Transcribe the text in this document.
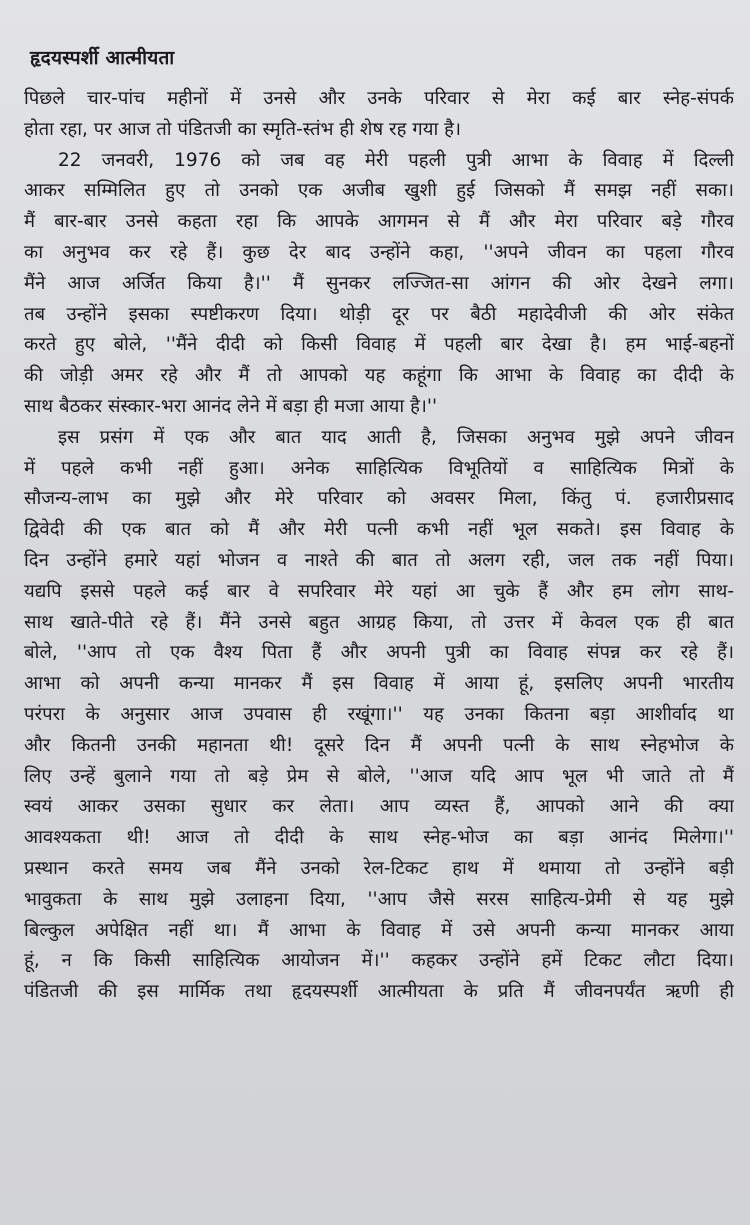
हृदयस्पर्शी आत्मीयता
पिछले चार-पांच महीनों में उनसे और उनके परिवार से मेरा कई बार स्नेह-संपर्क
होता रहा, पर आज तो पंडितजी का स्मृति-स्तंभ ही शेष रह गया है।
22 जनवरी, 1976 को जब वह मेरी पहली पुत्री आभा के विवाह में दिल्ली
आकर सम्मिलित हुए तो उनको एक अजीब खुशी हुई जिसको मैं समझ नहीं सका।
मैं बार-बार उनसे कहता रहा कि आपके आगमन से मैं और मेरा परिवार बड़े गौरव
का अनुभव कर रहे हैं। कुछ देर बाद उन्होंने कहा, ''अपने जीवन का पहला गौरव
मैंने आज अर्जित किया है।'' मैं सुनकर लज्जित-सा आंगन की ओर देखने लगा।
तब उन्होंने इसका स्पष्टीकरण दिया। थोड़ी दूर पर बैठी महादेवीजी की ओर संकेत
करते हुए बोले, ''मैंने दीदी को किसी विवाह में पहली बार देखा है। हम भाई-बहनों
की जोड़ी अमर रहे और मैं तो आपको यह कहूंगा कि आभा के विवाह का दीदी के
साथ बैठकर संस्कार-भरा आनंद लेने में बड़ा ही मजा आया है।''
इस प्रसंग में एक और बात याद आती है, जिसका अनुभव मुझे अपने जीवन
में पहले कभी नहीं हुआ। अनेक साहित्यिक विभूतियों व साहित्यिक मित्रों के
सौजन्य-लाभ का मुझे और मेरे परिवार को अवसर मिला, किंतु पं. हजारीप्रसाद
द्विवेदी की एक बात को मैं और मेरी पत्नी कभी नहीं भूल सकते। इस विवाह के
दिन उन्होंने हमारे यहां भोजन व नाश्ते की बात तो अलग रही, जल तक नहीं पिया।
यद्यपि इससे पहले कई बार वे सपरिवार मेरे यहां आ चुके हैं और हम लोग साथ-
साथ खाते-पीते रहे हैं। मैंने उनसे बहुत आग्रह किया, तो उत्तर में केवल एक ही बात
बोले, ''आप तो एक वैश्य पिता हैं और अपनी पुत्री का विवाह संपन्न कर रहे हैं।
आभा को अपनी कन्या मानकर मैं इस विवाह में आया हूं, इसलिए अपनी भारतीय
परंपरा के अनुसार आज उपवास ही रखूंगा।'' यह उनका कितना बड़ा आशीर्वाद था
और कितनी उनकी महानता थी! दूसरे दिन मैं अपनी पत्नी के साथ स्नेहभोज के
लिए उन्हें बुलाने गया तो बड़े प्रेम से बोले, ''आज यदि आप भूल भी जाते तो मैं
स्वयं आकर उसका सुधार कर लेता। आप व्यस्त हैं, आपको आने की क्या
आवश्यकता थी! आज तो दीदी के साथ स्नेह-भोज का बड़ा आनंद मिलेगा।''
प्रस्थान करते समय जब मैंने उनको रेल-टिकट हाथ में थमाया तो उन्होंने बड़ी
भावुकता के साथ मुझे उलाहना दिया, ''आप जैसे सरस साहित्य-प्रेमी से यह मुझे
बिल्कुल अपेक्षित नहीं था। मैं आभा के विवाह में उसे अपनी कन्या मानकर आया
हूं, न कि किसी साहित्यिक आयोजन में।'' कहकर उन्होंने हमें टिकट लौटा दिया।
पंडितजी की इस मार्मिक तथा हृदयस्पर्शी आत्मीयता के प्रति मैं जीवनपर्यंत ऋणी ही
